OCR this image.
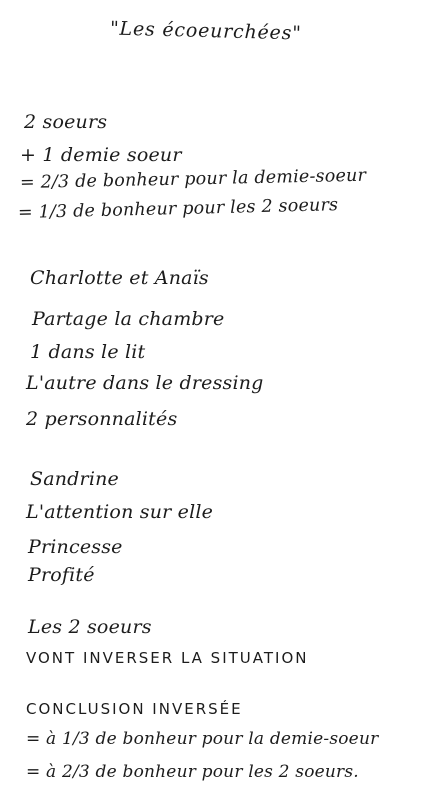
"Les écoeurchées"
2 soeurs
+ 1 demie soeur
= 2/3 de bonheur pour la demie-soeur
= 1/3 de bonheur pour les 2 soeurs
Charlotte et Anaïs
Partage la chambre
1 dans le lit
L'autre dans le dressing
2 personnalités
Sandrine
L'attention sur elle
Princesse
Profité
Les 2 soeurs
VONT INVERSER LA SITUATION
CONCLUSION INVERSÉE
= à 1/3 de bonheur pour la demie-soeur
= à 2/3 de bonheur pour les 2 soeurs.
